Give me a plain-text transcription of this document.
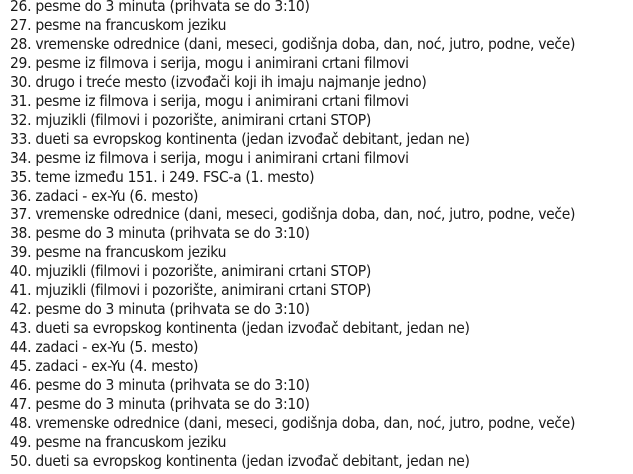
26. pesme do 3 minuta (prihvata se do 3:10)
27. pesme na francuskom jeziku
28. vremenske odrednice (dani, meseci, godišnja doba, dan, noć, jutro, podne, veče)
29. pesme iz filmova i serija, mogu i animirani crtani filmovi
30. drugo i treće mesto (izvođači koji ih imaju najmanje jedno)
31. pesme iz filmova i serija, mogu i animirani crtani filmovi
32. mjuzikli (filmovi i pozorište, animirani crtani STOP)
33. dueti sa evropskog kontinenta (jedan izvođač debitant, jedan ne)
34. pesme iz filmova i serija, mogu i animirani crtani filmovi
35. teme između 151. i 249. FSC-a (1. mesto)
36. zadaci - ex-Yu (6. mesto)
37. vremenske odrednice (dani, meseci, godišnja doba, dan, noć, jutro, podne, veče)
38. pesme do 3 minuta (prihvata se do 3:10)
39. pesme na francuskom jeziku
40. mjuzikli (filmovi i pozorište, animirani crtani STOP)
41. mjuzikli (filmovi i pozorište, animirani crtani STOP)
42. pesme do 3 minuta (prihvata se do 3:10)
43. dueti sa evropskog kontinenta (jedan izvođač debitant, jedan ne)
44. zadaci - ex-Yu (5. mesto)
45. zadaci - ex-Yu (4. mesto)
46. pesme do 3 minuta (prihvata se do 3:10)
47. pesme do 3 minuta (prihvata se do 3:10)
48. vremenske odrednice (dani, meseci, godišnja doba, dan, noć, jutro, podne, veče)
49. pesme na francuskom jeziku
50. dueti sa evropskog kontinenta (jedan izvođač debitant, jedan ne)
